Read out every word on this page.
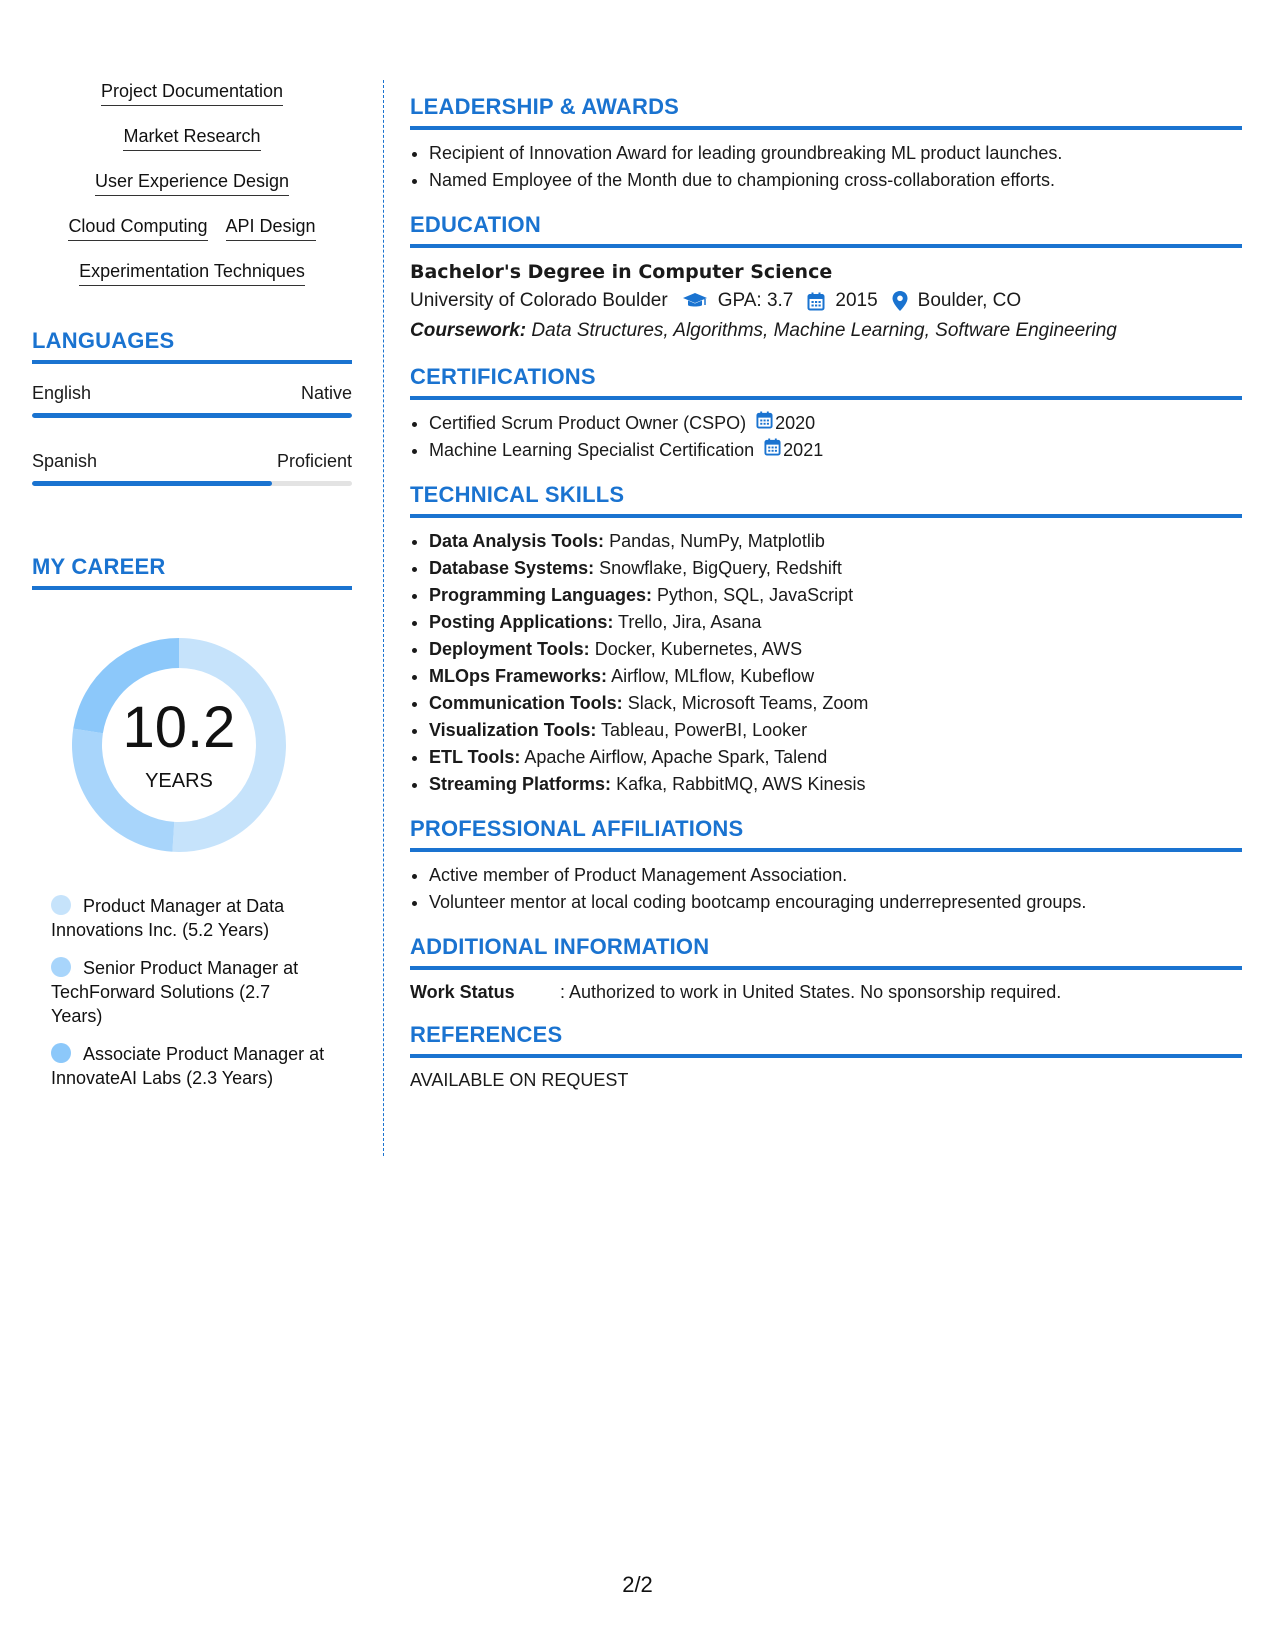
Project Documentation
Market Research
User Experience Design
Cloud Computing API Design
Experimentation Techniques
LANGUAGES
English	Native
Spanish	Proficient
MY CAREER
10.2
YEARS
Product Manager at Data Innovations Inc. (5.2 Years)
Senior Product Manager at TechForward Solutions (2.7 Years)
Associate Product Manager at InnovateAI Labs (2.3 Years)
LEADERSHIP & AWARDS
• Recipient of Innovation Award for leading groundbreaking ML product launches.
• Named Employee of the Month due to championing cross-collaboration efforts.
EDUCATION
Bachelor's Degree in Computer Science
University of Colorado Boulder	GPA: 3.7 2015 Boulder, CO
Coursework: Data Structures, Algorithms, Machine Learning, Software Engineering
CERTIFICATIONS
• Certified Scrum Product Owner (CSPO) 2020
• Machine Learning Specialist Certification 2021
TECHNICAL SKILLS
• Data Analysis Tools: Pandas, NumPy, Matplotlib
• Database Systems: Snowflake, BigQuery, Redshift
• Programming Languages: Python, SQL, JavaScript
• Posting Applications: Trello, Jira, Asana
• Deployment Tools: Docker, Kubernetes, AWS
• MLOps Frameworks: Airflow, MLflow, Kubeflow
• Communication Tools: Slack, Microsoft Teams, Zoom
• Visualization Tools: Tableau, PowerBI, Looker
• ETL Tools: Apache Airflow, Apache Spark, Talend
• Streaming Platforms: Kafka, RabbitMQ, AWS Kinesis
PROFESSIONAL AFFILIATIONS
• Active member of Product Management Association.
• Volunteer mentor at local coding bootcamp encouraging underrepresented groups.
ADDITIONAL INFORMATION
Work Status	: Authorized to work in United States. No sponsorship required.
REFERENCES
AVAILABLE ON REQUEST
2/2
